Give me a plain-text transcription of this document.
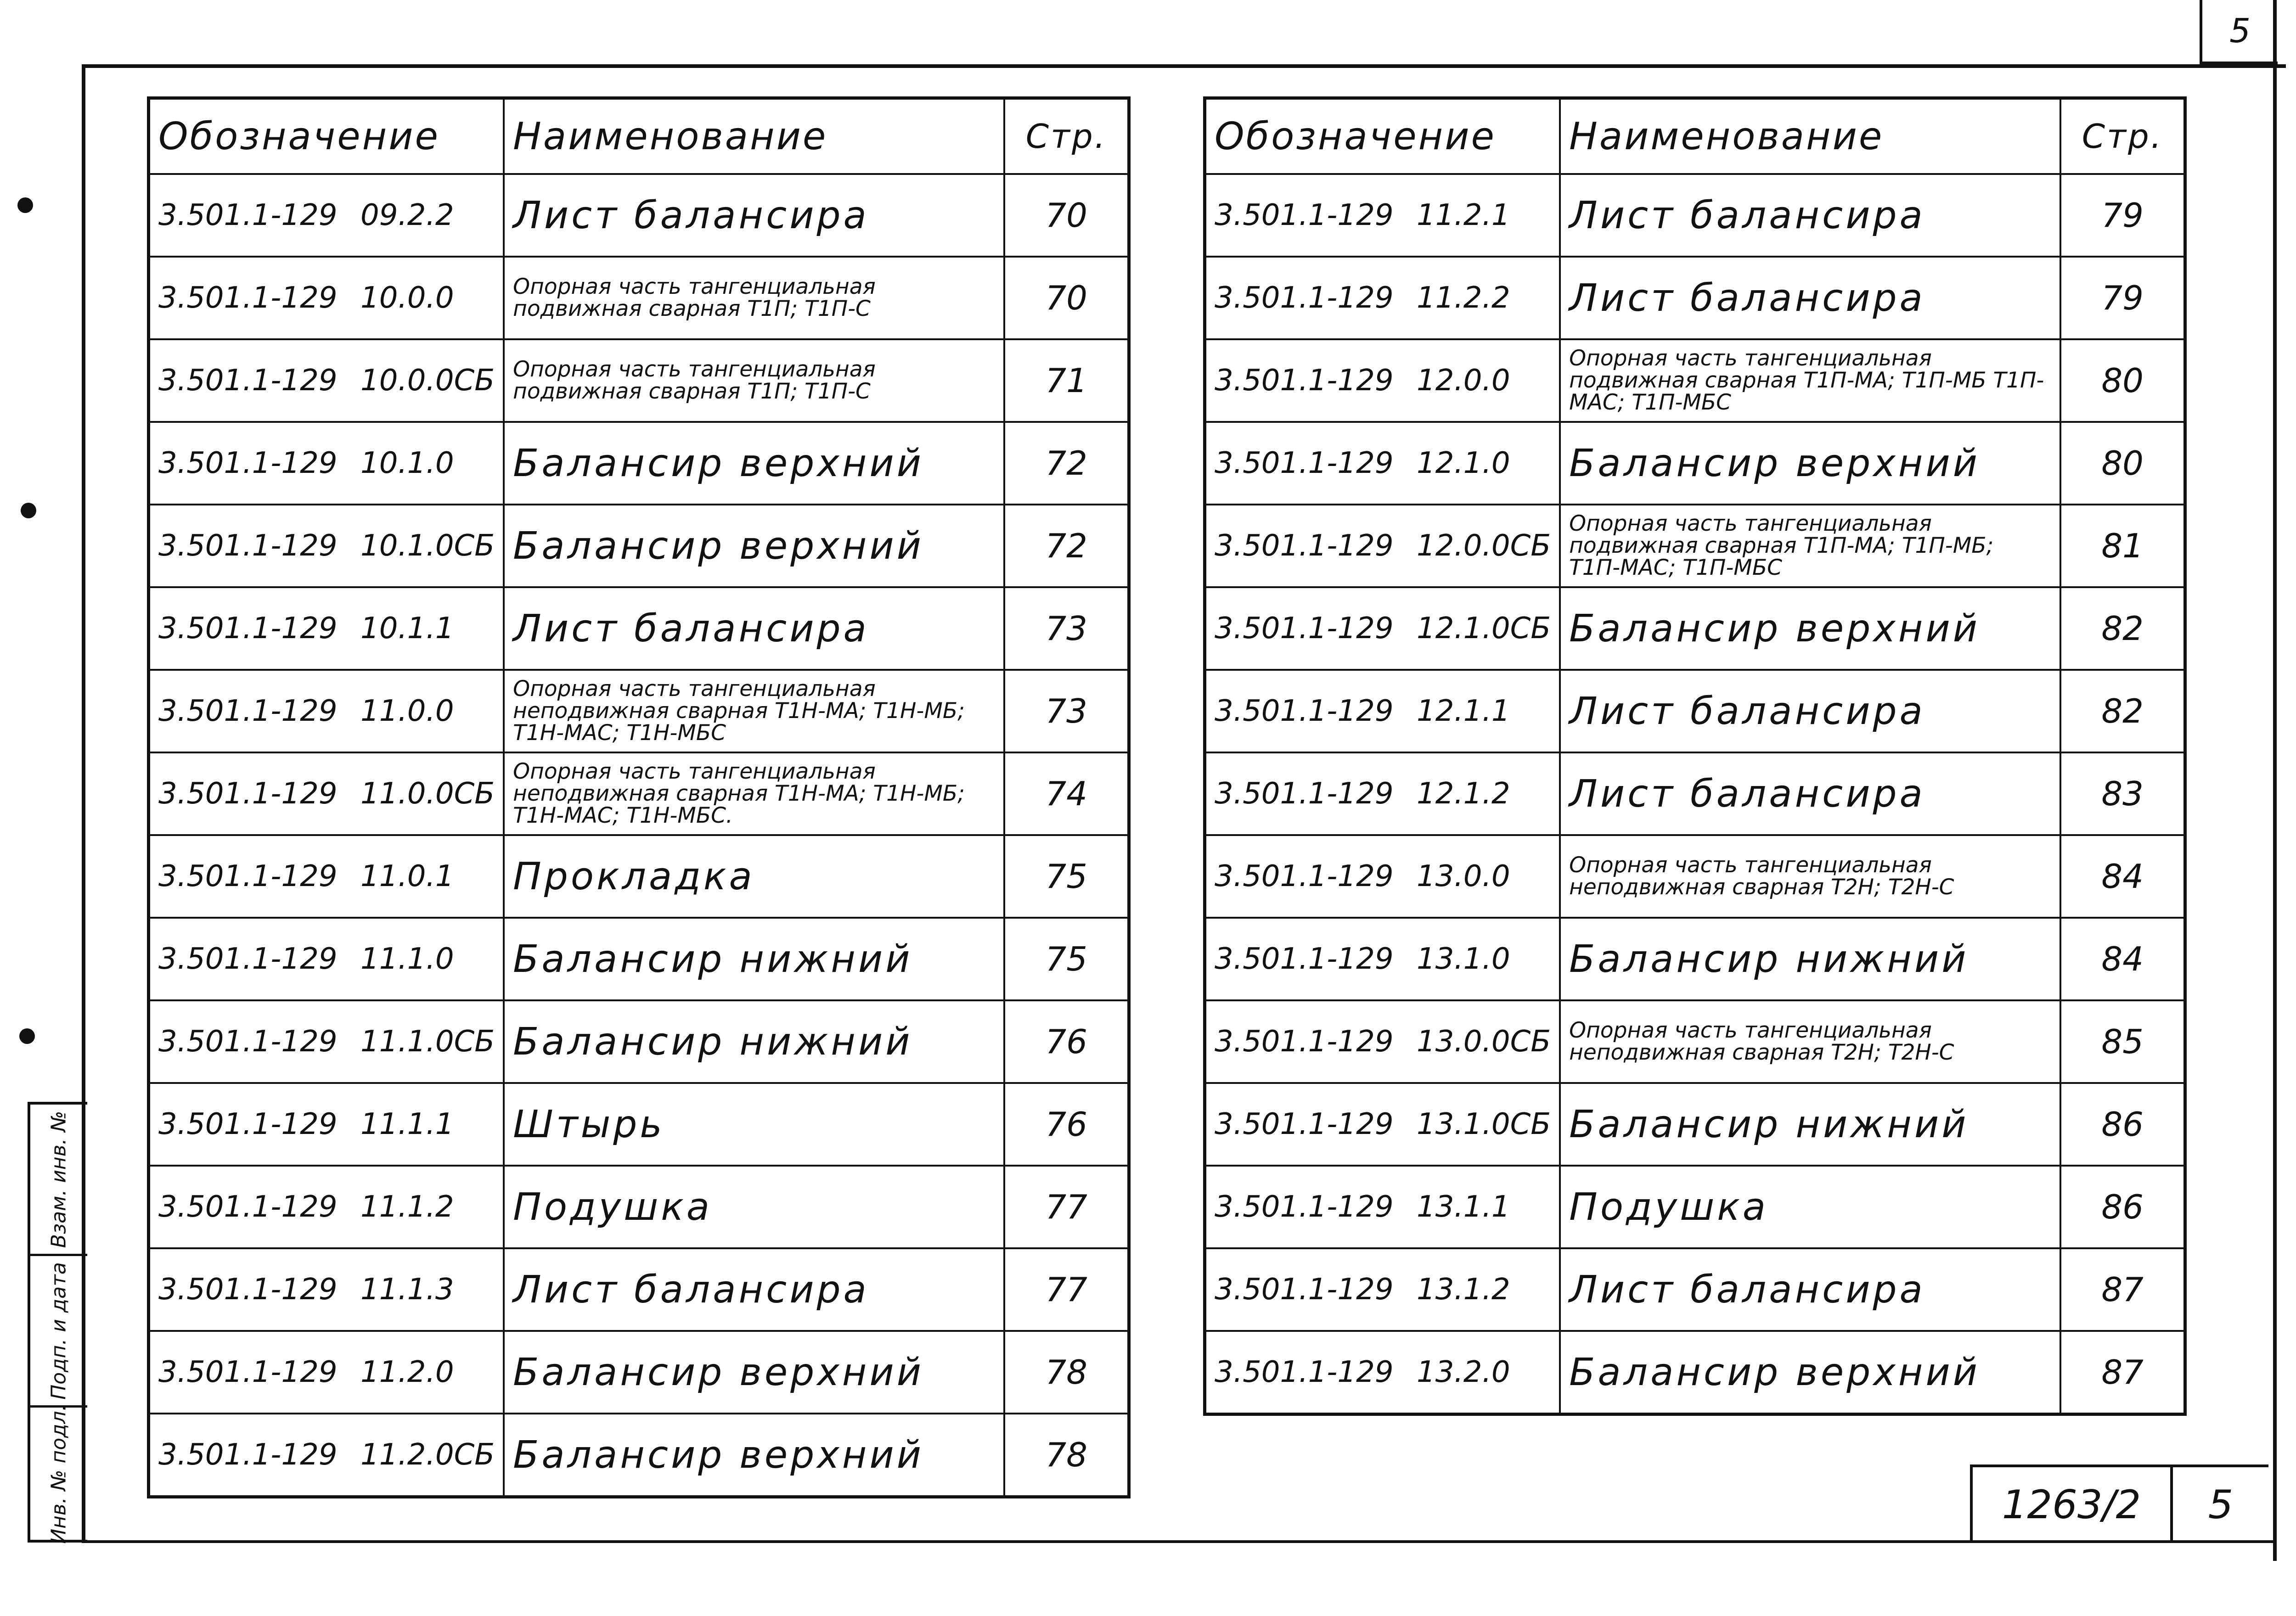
5
Обозначение	Наименование	Стр.
3.501.1-129 09.2.2	Лист балансира	70
3.501.1-129 10.0.0	Опорная часть тангенциальная подвижная сварная Т1П; Т1П-С	70
3.501.1-129 10.0.0СБ	Опорная часть тангенциальная подвижная сварная Т1П; Т1П-С	71
3.501.1-129 10.1.0	Балансир верхний	72
3.501.1-129 10.1.0СБ	Балансир верхний	72
3.501.1-129 10.1.1	Лист балансира	73
3.501.1-129 11.0.0	Опорная часть тангенциальная неподвижная сварная Т1Н-МА; Т1Н-МБ; Т1Н-МАС; Т1Н-МБС	73
3.501.1-129 11.0.0СБ	Опорная часть тангенциальная неподвижная сварная Т1Н-МА; Т1Н-МБ; Т1Н-МАС; Т1Н-МБС.	74
3.501.1-129 11.0.1	Прокладка	75
3.501.1-129 11.1.0	Балансир нижний	75
3.501.1-129 11.1.0СБ	Балансир нижний	76
3.501.1-129 11.1.1	Штырь	76
3.501.1-129 11.1.2	Подушка	77
3.501.1-129 11.1.3	Лист балансира	77
3.501.1-129 11.2.0	Балансир верхний	78
3.501.1-129 11.2.0СБ	Балансир верхний	78
Обозначение	Наименование	Стр.
3.501.1-129 11.2.1	Лист балансира	79
3.501.1-129 11.2.2	Лист балансира	79
3.501.1-129 12.0.0	Опорная часть тангенциальная подвижная сварная Т1П-МА; Т1П-МБ Т1П-МАС; Т1П-МБС	80
3.501.1-129 12.1.0	Балансир верхний	80
3.501.1-129 12.0.0СБ	Опорная часть тангенциальная подвижная сварная Т1П-МА; Т1П-МБ; Т1П-МАС; Т1П-МБС	81
3.501.1-129 12.1.0СБ	Балансир верхний	82
3.501.1-129 12.1.1	Лист балансира	82
3.501.1-129 12.1.2	Лист балансира	83
3.501.1-129 13.0.0	Опорная часть тангенциальная неподвижная сварная Т2Н; Т2Н-С	84
3.501.1-129 13.1.0	Балансир нижний	84
3.501.1-129 13.0.0СБ	Опорная часть тангенциальная неподвижная сварная Т2Н; Т2Н-С	85
3.501.1-129 13.1.0СБ	Балансир нижний	86
3.501.1-129 13.1.1	Подушка	86
3.501.1-129 13.1.2	Лист балансира	87
3.501.1-129 13.2.0	Балансир верхний	87
Взам. инв. №
Подп. и дата
Инв. № подл.	1263/2	5
